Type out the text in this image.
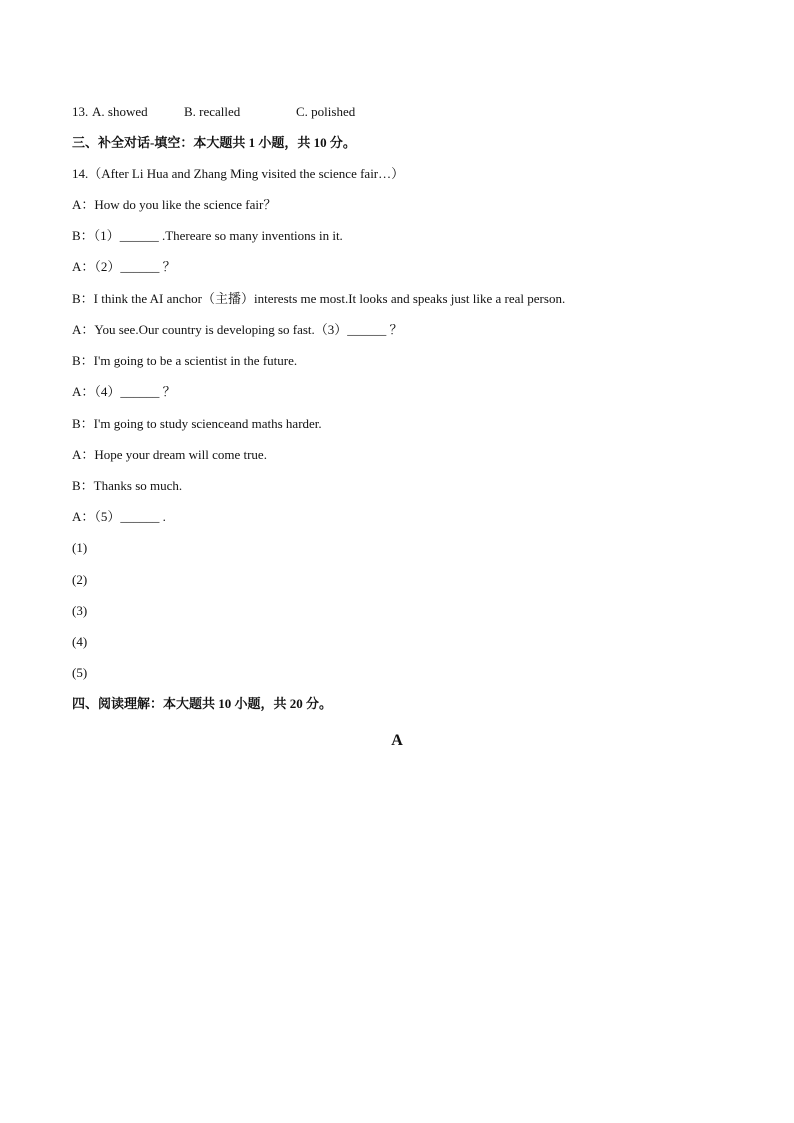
13. A. showed	B. recalled	C. polished
三、补全对话-填空：本大题共 1 小题，共 10 分。
14.（After Li Hua and Zhang Ming visited the science fair…）
A：How do you like the science fair？
B：（1）______ .Thereare so many inventions in it.
A：（2）______ ？
B：I think the AI anchor（主播）interests me most.It looks and speaks just like a real person.
A：You see.Our country is developing so fast.（3）______ ？
B：I'm going to be a scientist in the future.
A：（4）______ ？
B：I'm going to study scienceand maths harder.
A：Hope your dream will come true.
B：Thanks so much.
A：（5）______ .
(1)
(2)
(3)
(4)
(5)
四、阅读理解：本大题共 10 小题，共 20 分。
A
